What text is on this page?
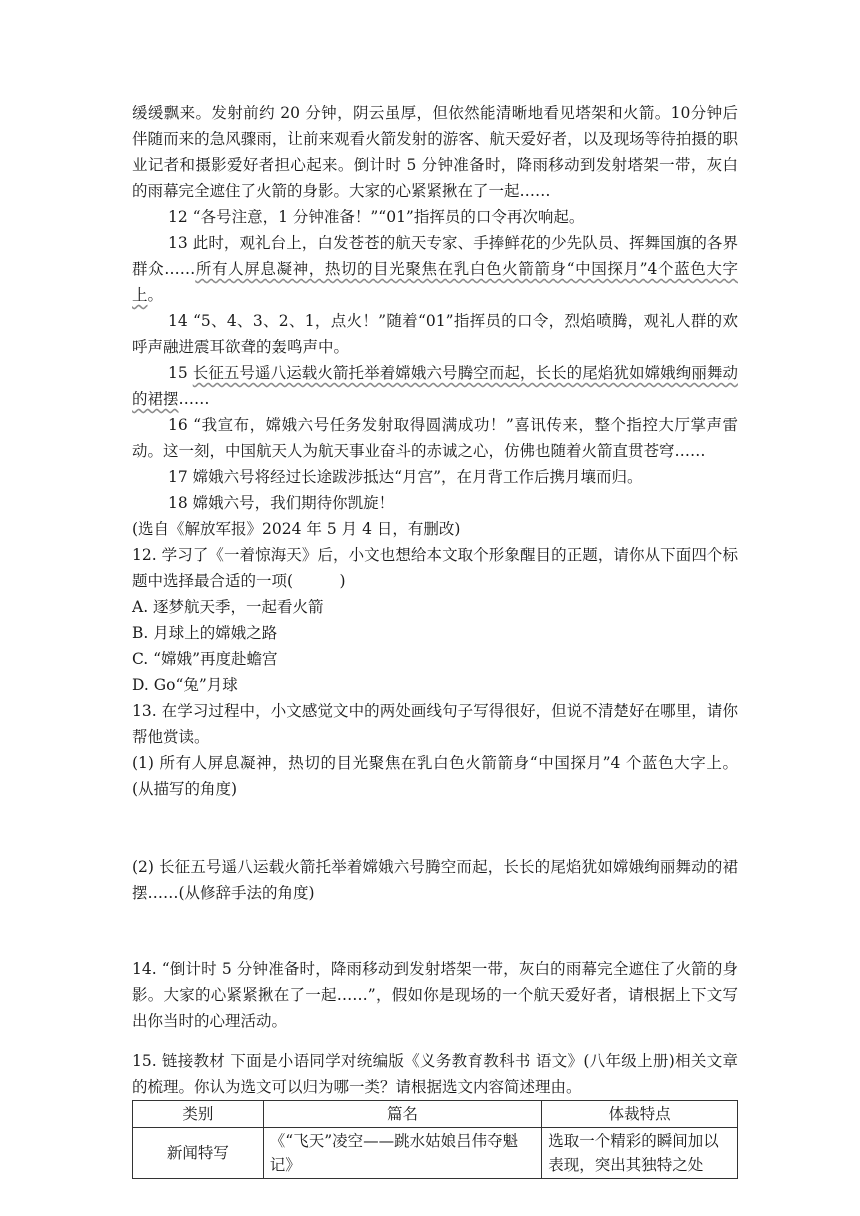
缓缓飘来。发射前约 20 分钟，阴云虽厚，但依然能清晰地看见塔架和火箭。10分钟后伴随而来的急风骤雨，让前来观看火箭发射的游客、航天爱好者，以及现场等待拍摄的职业记者和摄影爱好者担心起来。倒计时 5 分钟准备时，降雨移动到发射塔架一带，灰白的雨幕完全遮住了火箭的身影。大家的心紧紧揪在了一起……

12 “各号注意，1 分钟准备！”“01”指挥员的口令再次响起。

13 此时，观礼台上，白发苍苍的航天专家、手捧鲜花的少先队员、挥舞国旗的各界群众……所有人屏息凝神，热切的目光聚焦在乳白色火箭箭身“中国探月”4个蓝色大字上。

14 “5、4、3、2、1，点火！”随着“01”指挥员的口令，烈焰喷腾，观礼人群的欢呼声融进震耳欲聋的轰鸣声中。

15 长征五号遥八运载火箭托举着嫦娥六号腾空而起，长长的尾焰犹如嫦娥绚丽舞动的裙摆……

16 “我宣布，嫦娥六号任务发射取得圆满成功！”喜讯传来，整个指控大厅掌声雷动。这一刻，中国航天人为航天事业奋斗的赤诚之心，仿佛也随着火箭直贯苍穹……

17 嫦娥六号将经过长途跋涉抵达“月宫”，在月背工作后携月壤而归。

18 嫦娥六号，我们期待你凯旋！

(选自《解放军报》2024 年 5 月 4 日，有删改)

12. 学习了《一着惊海天》后，小文也想给本文取个形象醒目的正题，请你从下面四个标题中选择最合适的一项(　　　)

A. 逐梦航天季，一起看火箭

B. 月球上的嫦娥之路

C. “嫦娥”再度赴蟾宫

D. Go“兔”月球

13. 在学习过程中，小文感觉文中的两处画线句子写得很好，但说不清楚好在哪里，请你帮他赏读。

(1) 所有人屏息凝神，热切的目光聚焦在乳白色火箭箭身“中国探月”4 个蓝色大字上。(从描写的角度)

(2) 长征五号遥八运载火箭托举着嫦娥六号腾空而起，长长的尾焰犹如嫦娥绚丽舞动的裙摆……(从修辞手法的角度)

14. “倒计时 5 分钟准备时，降雨移动到发射塔架一带，灰白的雨幕完全遮住了火箭的身影。大家的心紧紧揪在了一起……”，假如你是现场的一个航天爱好者，请根据上下文写出你当时的心理活动。

15. 链接教材 下面是小语同学对统编版《义务教育教科书 语文》(八年级上册)相关文章的梳理。你认为选文可以归为哪一类？请根据选文内容简述理由。

类别	篇名	体裁特点
新闻特写	《“飞天”凌空——跳水姑娘吕伟夺魁记》	选取一个精彩的瞬间加以表现，突出其独特之处
